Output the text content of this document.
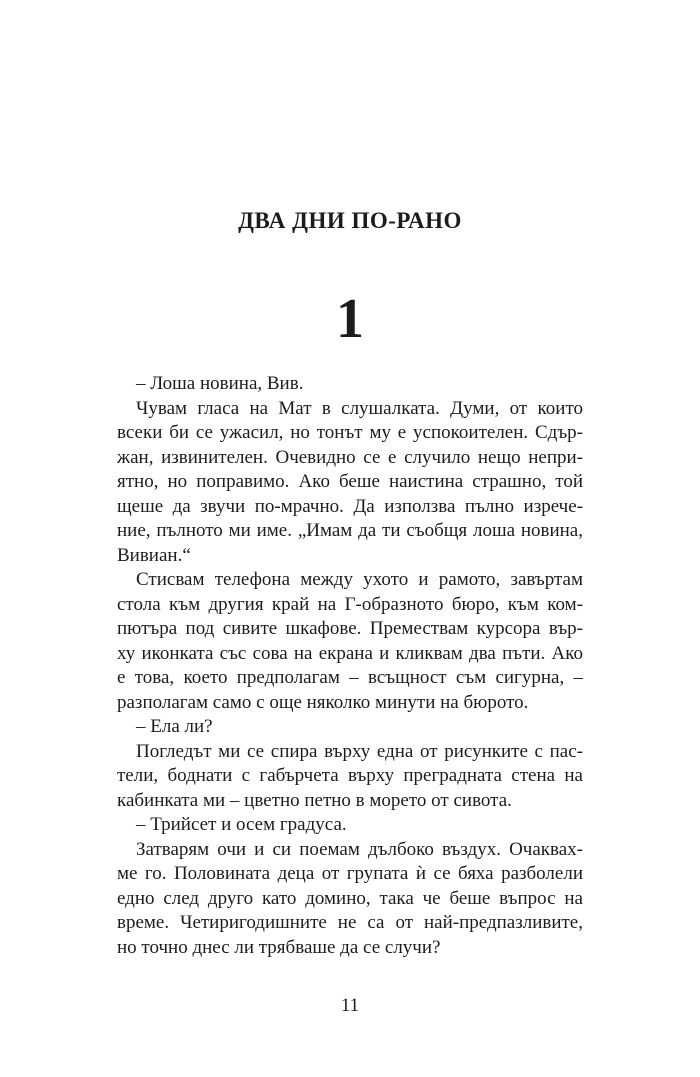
ДВА ДНИ ПО-РАНО
1
– Лоша новина, Вив.
Чувам гласа на Мат в слушалката. Думи, от които
всеки би се ужасил, но тонът му е успокоителен. Сдър-
жан, извинителен. Очевидно се е случило нещо непри-
ятно, но поправимо. Ако беше наистина страшно, той
щеше да звучи по-мрачно. Да използва пълно изрече-
ние, пълното ми име. „Имам да ти съобщя лоша новина,
Вивиан.“
Стисвам телефона между ухото и рамото, завъртам
стола към другия край на Г-образното бюро, към ком-
пютъра под сивите шкафове. Премествам курсора вър-
ху иконката със сова на екрана и кликвам два пъти. Ако
е това, което предполагам – всъщност съм сигурна, –
разполагам само с още няколко минути на бюрото.
– Ела ли?
Погледът ми се спира върху една от рисунките с пас-
тели, боднати с габърчета върху преградната стена на
кабинката ми – цветно петно в морето от сивота.
– Трийсет и осем градуса.
Затварям очи и си поемам дълбоко въздух. Очаквах-
ме го. Половината деца от групата ѝ се бяха разболели
едно след друго като домино, така че беше въпрос на
време. Четиригодишните не са от най-предпазливите,
но точно днес ли трябваше да се случи?
11
